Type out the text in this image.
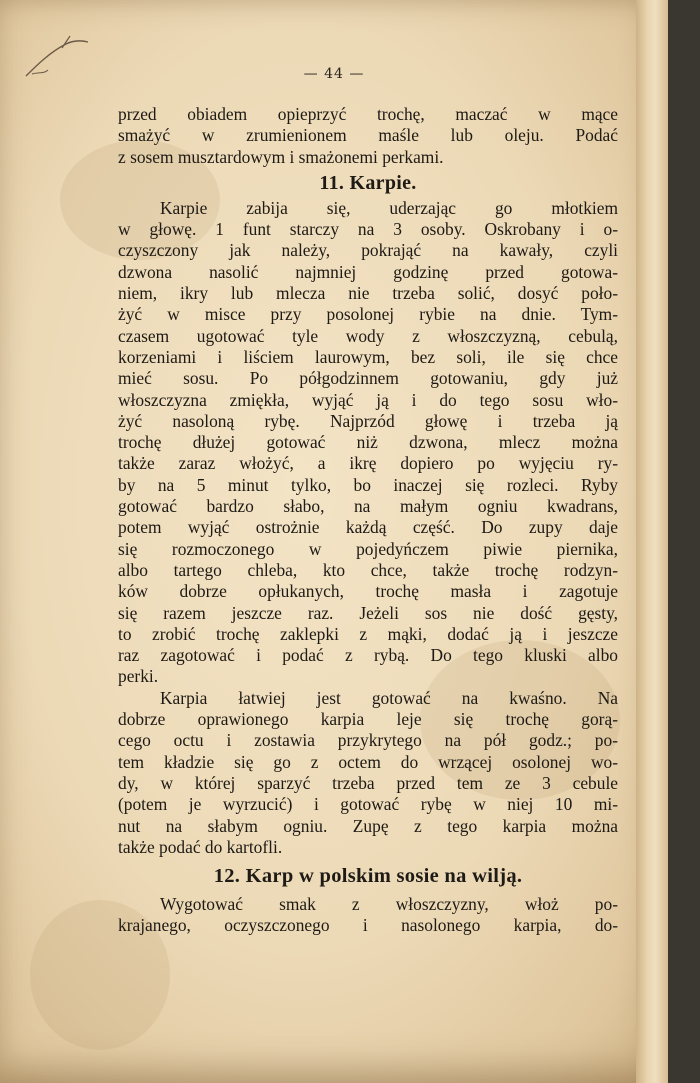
— 44 —
przed obiadem opieprzyć trochę, maczać w mące
smażyć w zrumienionem maśle lub oleju. Podać
z sosem musztardowym i smażonemi perkami.
11. Karpie.
Karpie zabija się, uderzając go młotkiem
w głowę. 1 funt starczy na 3 osoby. Oskrobany i o-
czyszczony jak należy, pokrająć na kawały, czyli
dzwona nasolić najmniej godzinę przed gotowa-
niem, ikry lub mlecza nie trzeba solić, dosyć poło-
żyć w misce przy posolonej rybie na dnie. Tym-
czasem ugotować tyle wody z włoszczyzną, cebulą,
korzeniami i liściem laurowym, bez soli, ile się chce
mieć sosu. Po półgodzinnem gotowaniu, gdy już
włoszczyzna zmiękła, wyjąć ją i do tego sosu wło-
żyć nasoloną rybę. Najprzód głowę i trzeba ją
trochę dłużej gotować niż dzwona, mlecz można
także zaraz włożyć, a ikrę dopiero po wyjęciu ry-
by na 5 minut tylko, bo inaczej się rozleci. Ryby
gotować bardzo słabo, na małym ogniu kwadrans,
potem wyjąć ostrożnie każdą część. Do zupy daje
się rozmoczonego w pojedyńczem piwie piernika,
albo tartego chleba, kto chce, także trochę rodzyn-
ków dobrze opłukanych, trochę masła i zagotuje
się razem jeszcze raz. Jeżeli sos nie dość gęsty,
to zrobić trochę zaklepki z mąki, dodać ją i jeszcze
raz zagotować i podać z rybą. Do tego kluski albo
perki.
Karpia łatwiej jest gotować na kwaśno. Na
dobrze oprawionego karpia leje się trochę gorą-
cego octu i zostawia przykrytego na pół godz.; po-
tem kładzie się go z octem do wrzącej osolonej wo-
dy, w której sparzyć trzeba przed tem ze 3 cebule
(potem je wyrzucić) i gotować rybę w niej 10 mi-
nut na słabym ogniu. Zupę z tego karpia można
także podać do kartofli.
12. Karp w polskim sosie na wilją.
Wygotować smak z włoszczyzny, włoż po-
krajanego, oczyszczonego i nasolonego karpia, do-
